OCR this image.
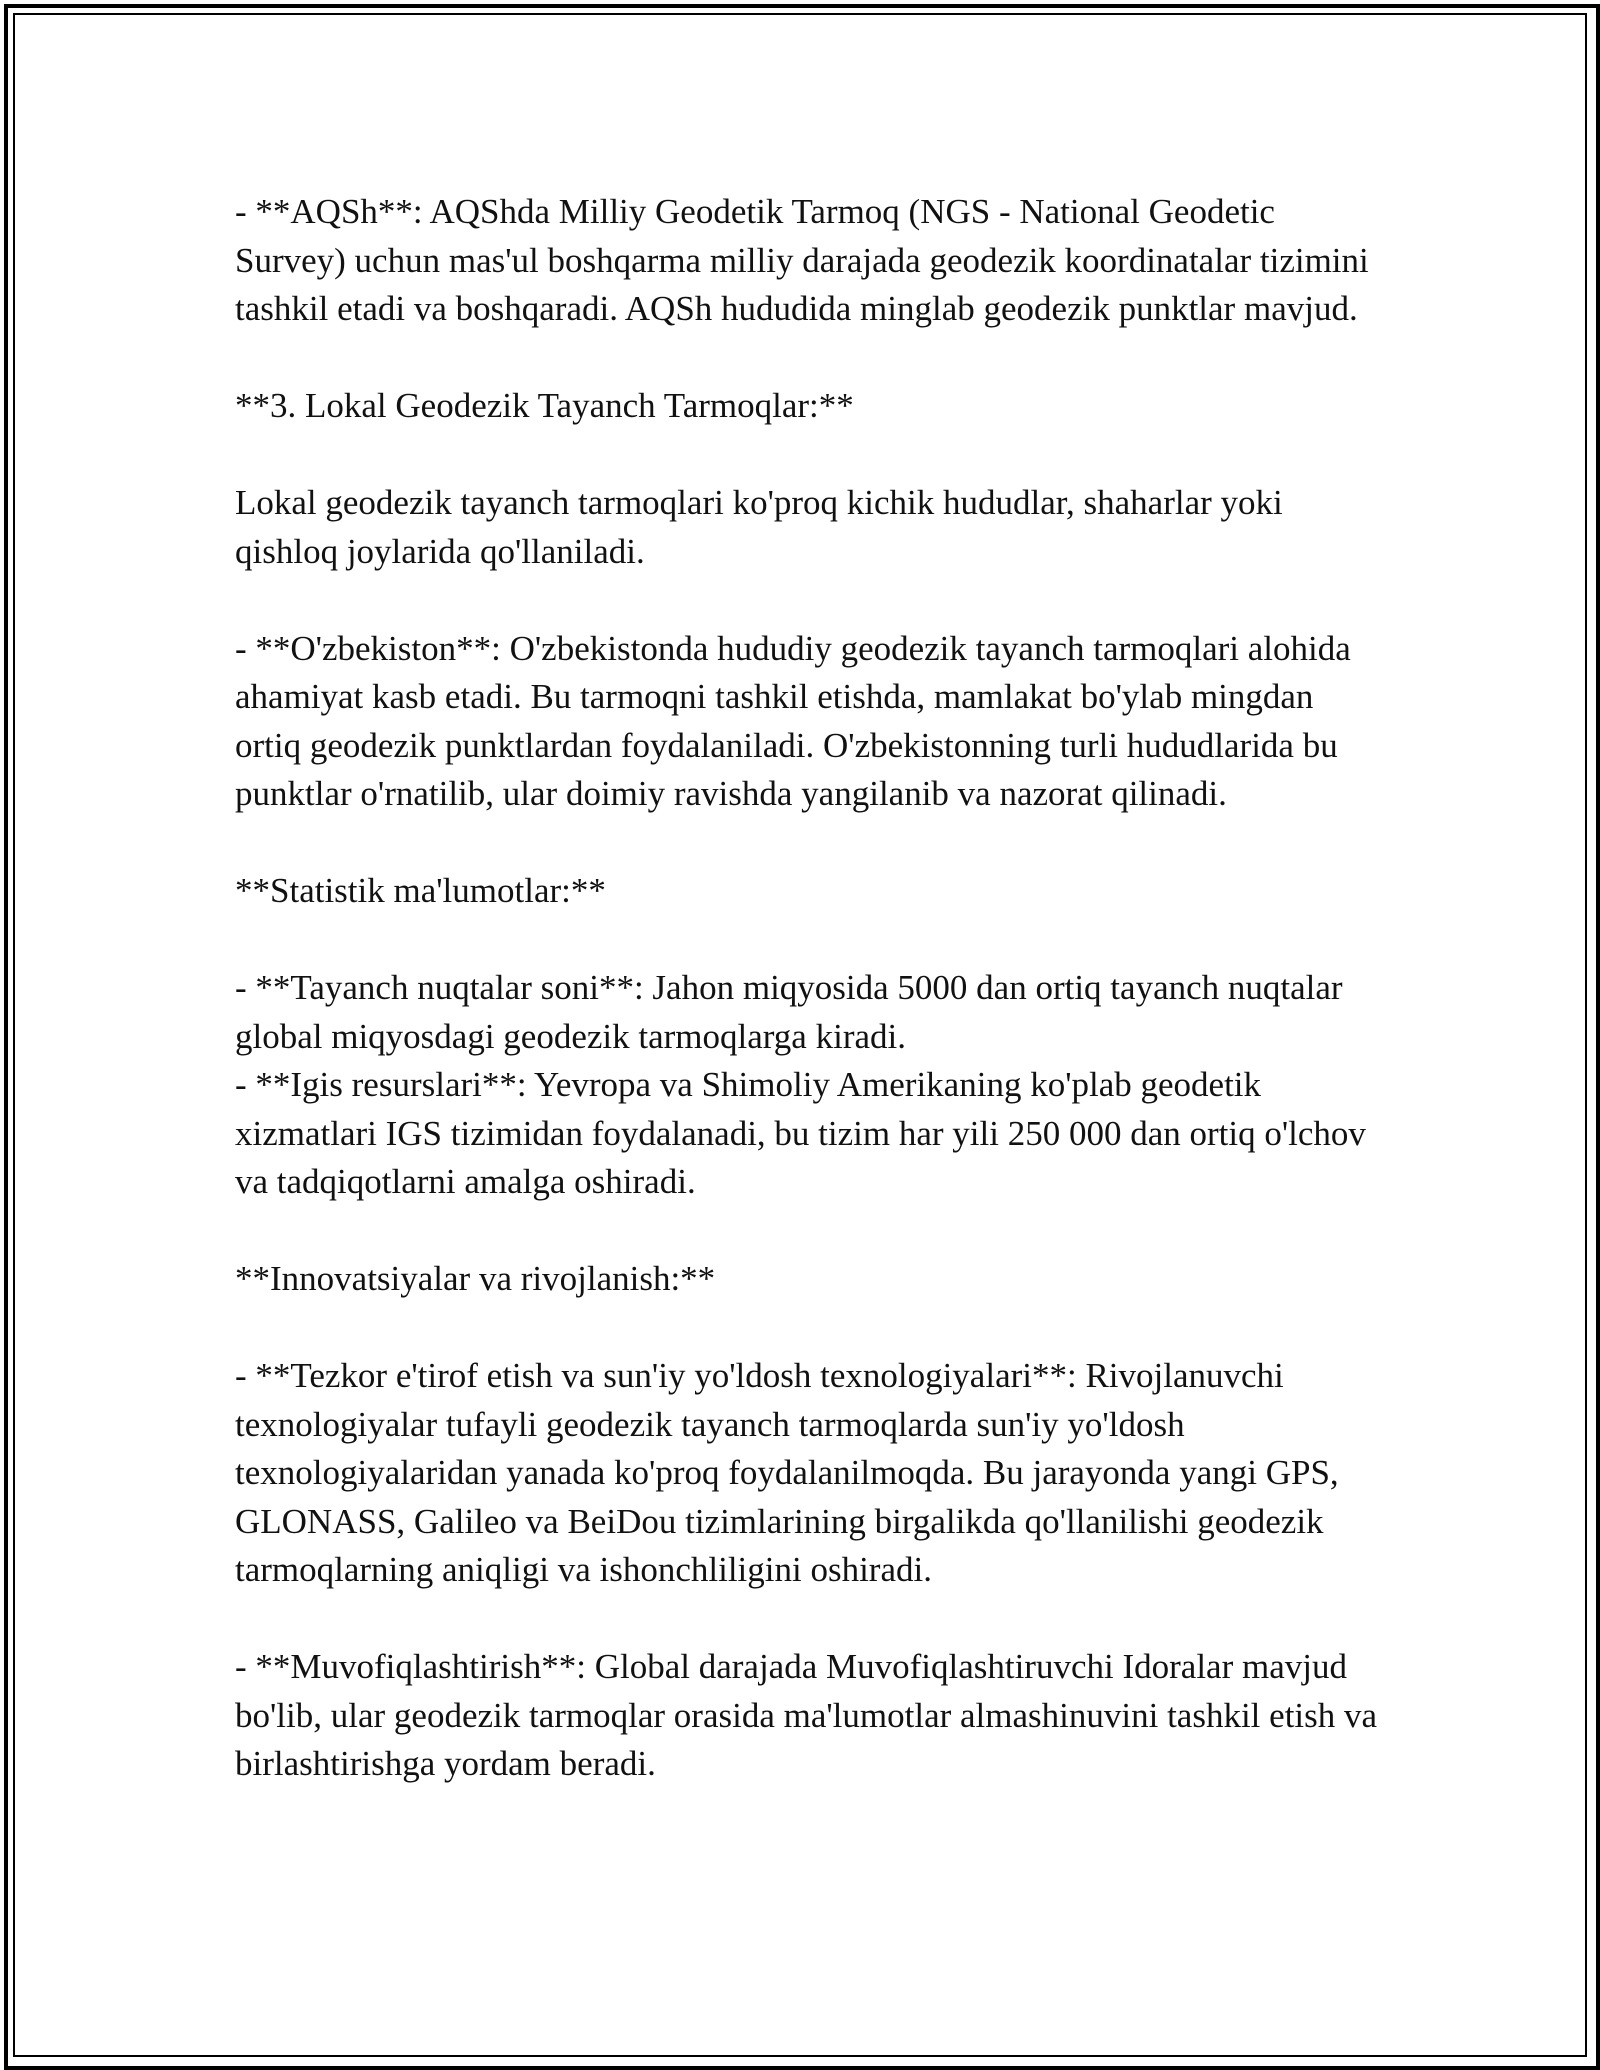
- **AQSh**: AQShda Milliy Geodetik Tarmoq (NGS - National Geodetic Survey) uchun mas'ul boshqarma milliy darajada geodezik koordinatalar tizimini tashkil etadi va boshqaradi. AQSh hududida minglab geodezik punktlar mavjud.

**3. Lokal Geodezik Tayanch Tarmoqlar:**

Lokal geodezik tayanch tarmoqlari ko'proq kichik hududlar, shaharlar yoki qishloq joylarida qo'llaniladi.

- **O'zbekiston**: O'zbekistonda hududiy geodezik tayanch tarmoqlari alohida ahamiyat kasb etadi. Bu tarmoqni tashkil etishda, mamlakat bo'ylab mingdan ortiq geodezik punktlardan foydalaniladi. O'zbekistonning turli hududlarida bu punktlar o'rnatilib, ular doimiy ravishda yangilanib va nazorat qilinadi.

**Statistik ma'lumotlar:**

- **Tayanch nuqtalar soni**: Jahon miqyosida 5000 dan ortiq tayanch nuqtalar global miqyosdagi geodezik tarmoqlarga kiradi.

- **Igis resurslari**: Yevropa va Shimoliy Amerikaning ko'plab geodetik xizmatlari IGS tizimidan foydalanadi, bu tizim har yili 250 000 dan ortiq o'lchov va tadqiqotlarni amalga oshiradi.

**Innovatsiyalar va rivojlanish:**

- **Tezkor e'tirof etish va sun'iy yo'ldosh texnologiyalari**: Rivojlanuvchi texnologiyalar tufayli geodezik tayanch tarmoqlarda sun'iy yo'ldosh texnologiyalaridan yanada ko'proq foydalanilmoqda. Bu jarayonda yangi GPS, GLONASS, Galileo va BeiDou tizimlarining birgalikda qo'llanilishi geodezik tarmoqlarning aniqligi va ishonchliligini oshiradi.

- **Muvofiqlashtirish**: Global darajada Muvofiqlashtiruvchi Idoralar mavjud bo'lib, ular geodezik tarmoqlar orasida ma'lumotlar almashinuvini tashkil etish va birlashtirishga yordam beradi.
